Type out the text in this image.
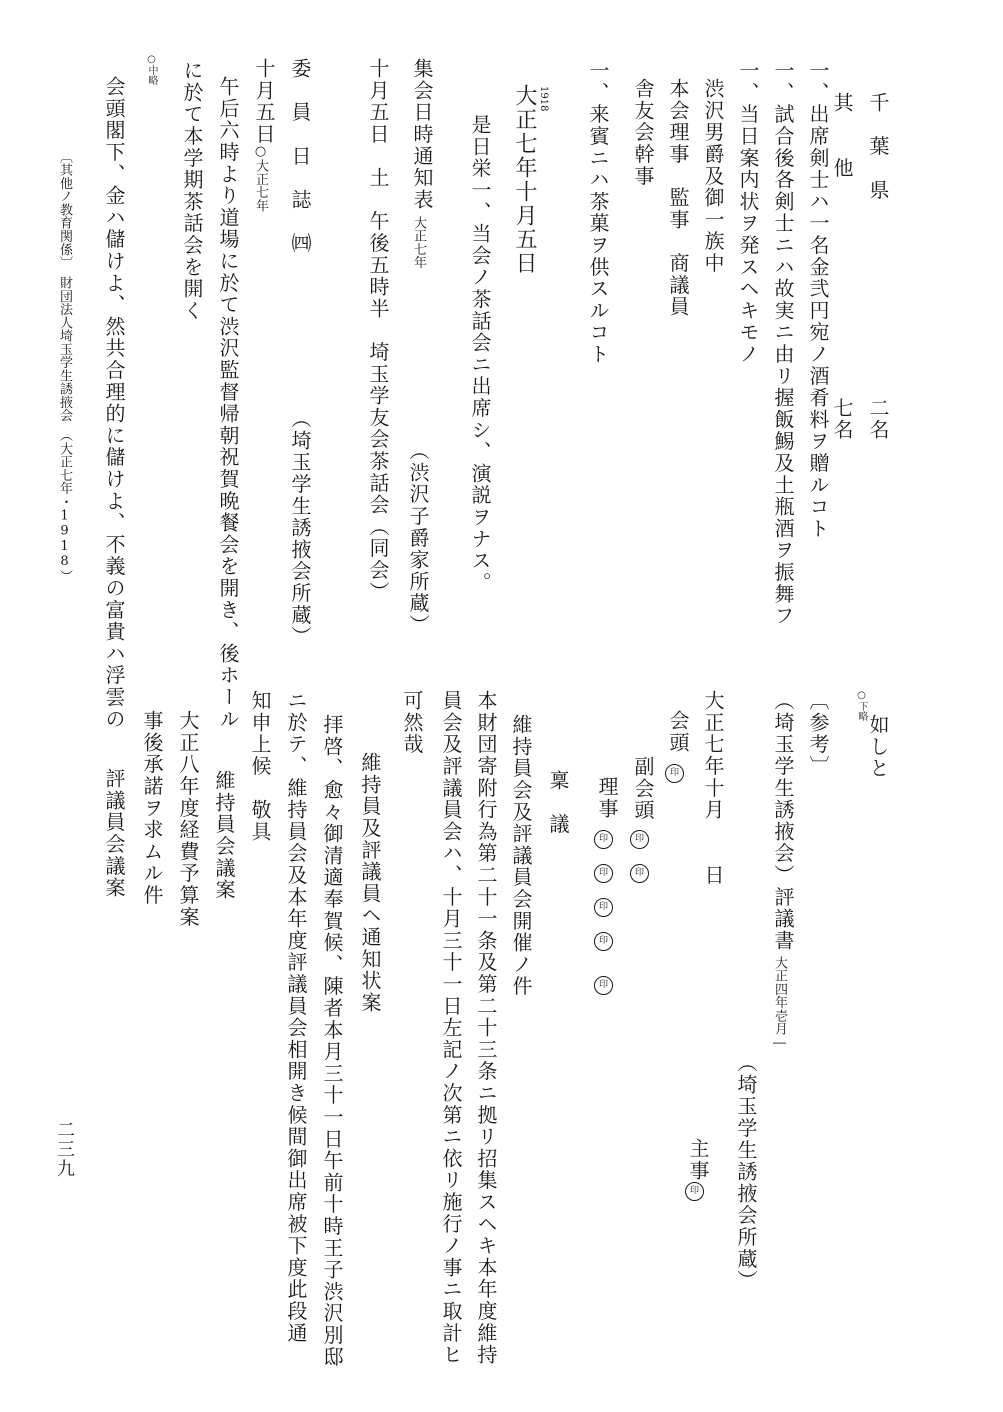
千　葉　県　　　　　　　　　二名

其　　他　　　　　　　　　　七名

一、出席剣士ハ一名金弐円宛ノ酒肴料ヲ贈ルコト

一、試合後各剣士ニハ故実ニ由リ握飯鯣及土瓶酒ヲ振舞フ

一、当日案内状ヲ発スヘキモノ

渋沢男爵及御一族中

本会理事　監事　商議員

舎友会幹事

一、来賓ニハ茶菓ヲ供スルコト

1918

大正七年十月五日

是日栄一、当会ノ茶話会ニ出席シ、演説ヲナス。

（渋沢子爵家所蔵）

集会日時通知表

大正七年

十月五日　土　午後五時半　埼玉学友会茶話会（同会）

委　員　日　誌　㈣

（埼玉学生誘掖会所蔵）

十月五日

○大正七年

午后六時より道場に於て渋沢監督帰朝祝賀晩餐会を開き、後ホール

に於て本学期茶話会を開く

○中略

会頭閣下、金ハ儲けよ、然共合理的に儲けよ、不義の富貴ハ浮雲の

〔其他ノ教育関係〕　財団法人埼玉学生誘掖会　（大正七年・1918）

如しと

○下略

〔参考〕

（埼玉学生誘掖会）評議書

大正四年壱月―

（埼玉学生誘掖会所蔵）

大正七年十月　　日

会頭

印

副会頭

印
印

理事

印
印
印
印
印

主事

印

稟　議

維持員会及評議員会開催ノ件

本財団寄附行為第二十一条及第二十三条ニ拠リ招集スヘキ本年度維持

員会及評議員会ハ、十月三十一日左記ノ次第ニ依リ施行ノ事ニ取計ヒ

可然哉

維持員及評議員ヘ通知状案

拝啓、愈々御清適奉賀候、陳者本月三十一日午前十時王子渋沢別邸

ニ於テ、維持員会及本年度評議員会相開き候間御出席被下度此段通

知申上候　敬具

維持員会議案

大正八年度経費予算案

事後承諾ヲ求ムル件

評議員会議案

二三九
